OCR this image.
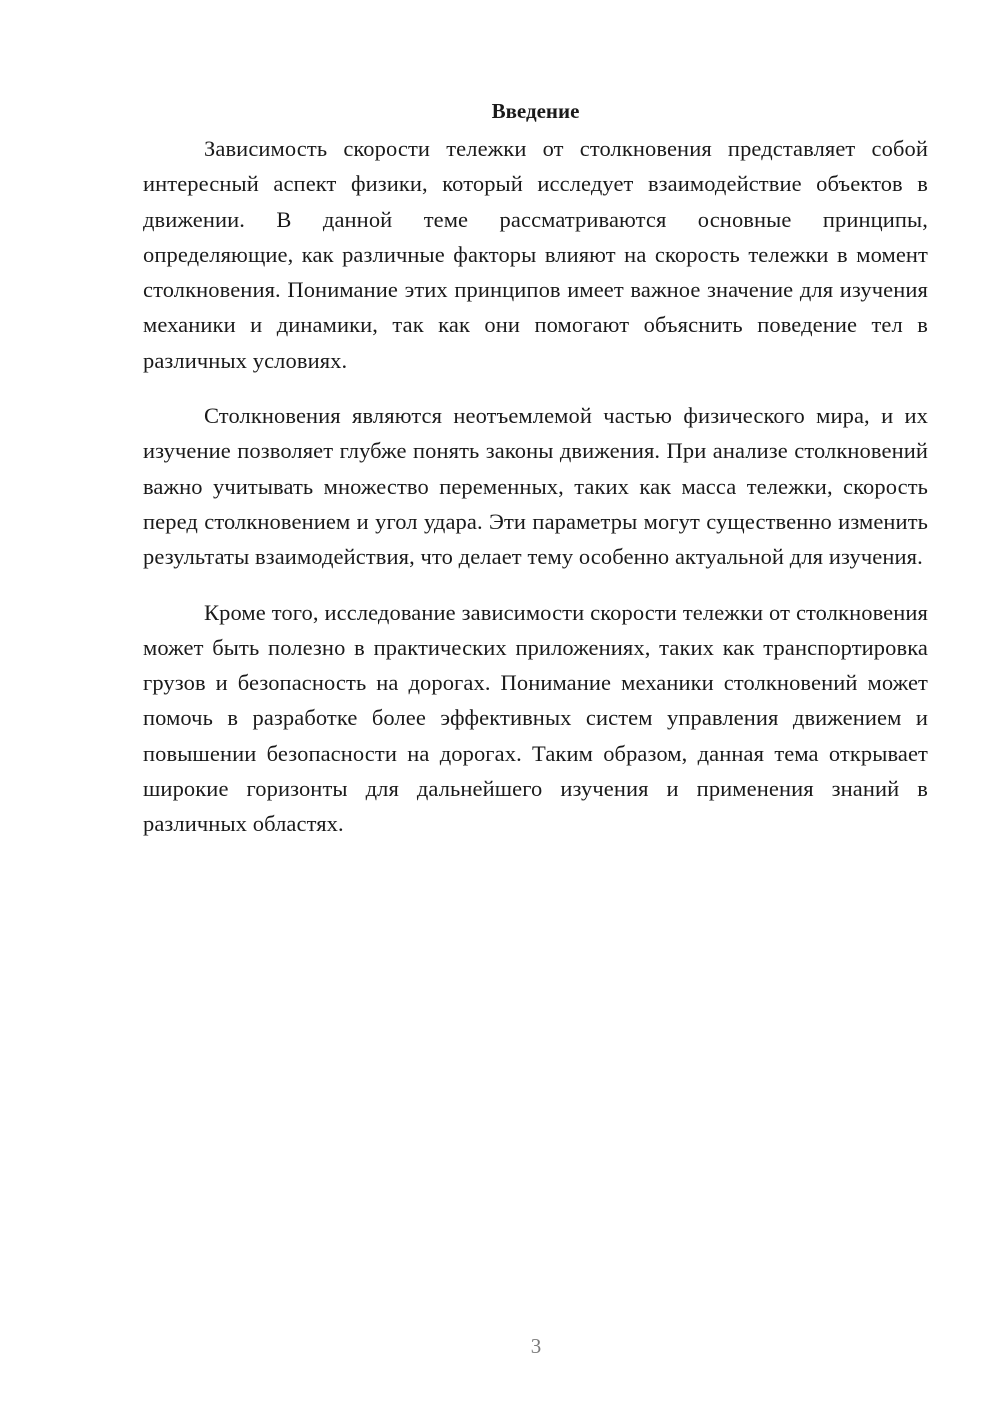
Введение

Зависимость скорости тележки от столкновения представляет собой интересный аспект физики, который исследует взаимодействие объектов в движении. В данной теме рассматриваются основные принципы, определяющие, как различные факторы влияют на скорость тележки в момент столкновения. Понимание этих принципов имеет важное значение для изучения механики и динамики, так как они помогают объяснить поведение тел в различных условиях.

Столкновения являются неотъемлемой частью физического мира, и их изучение позволяет глубже понять законы движения. При анализе столкновений важно учитывать множество переменных, таких как масса тележки, скорость перед столкновением и угол удара. Эти параметры могут существенно изменить результаты взаимодействия, что делает тему особенно актуальной для изучения.

Кроме того, исследование зависимости скорости тележки от столкновения может быть полезно в практических приложениях, таких как транспортировка грузов и безопасность на дорогах. Понимание механики столкновений может помочь в разработке более эффективных систем управления движением и повышении безопасности на дорогах. Таким образом, данная тема открывает широкие горизонты для дальнейшего изучения и применения знаний в различных областях.

3
